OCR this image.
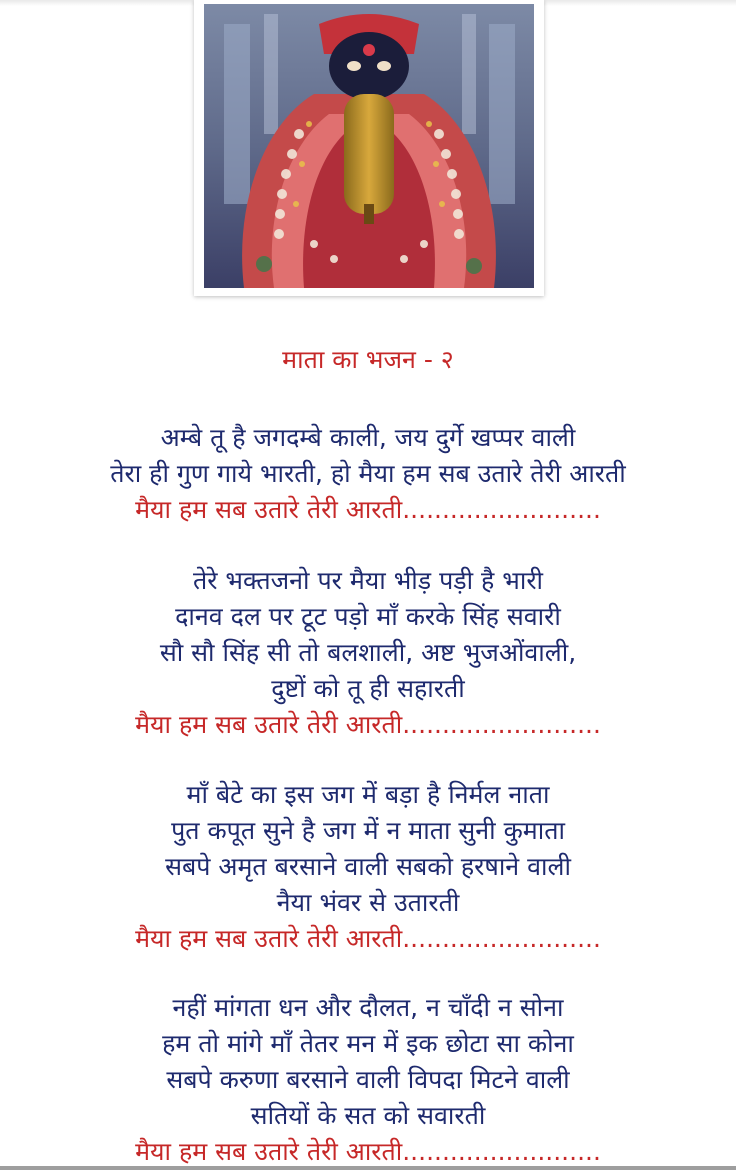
माता का भजन - २
अम्बे तू है जगदम्बे काली, जय दुर्गे खप्पर वाली
तेरा ही गुण गाये भारती, हो मैया हम सब उतारे तेरी आरती
मैया हम सब उतारे तेरी आरती.........................
तेरे भक्तजनो पर मैया भीड़ पड़ी है भारी
दानव दल पर टूट पड़ो माँ करके सिंह सवारी
सौ सौ सिंह सी तो बलशाली, अष्ट भुजओंवाली,
दुष्टों को तू ही सहारती
मैया हम सब उतारे तेरी आरती.........................
माँ बेटे का इस जग में बड़ा है निर्मल नाता
पुत कपूत सुने है जग में न माता सुनी कुमाता
सबपे अमृत बरसाने वाली सबको हरषाने वाली
नैया भंवर से उतारती
मैया हम सब उतारे तेरी आरती.........................
नहीं मांगता धन और दौलत, न चाँदी न सोना
हम तो मांगे माँ तेतर मन में इक छोटा सा कोना
सबपे करुणा बरसाने वाली विपदा मिटने वाली
सतियों के सत को सवारती
मैया हम सब उतारे तेरी आरती.........................
